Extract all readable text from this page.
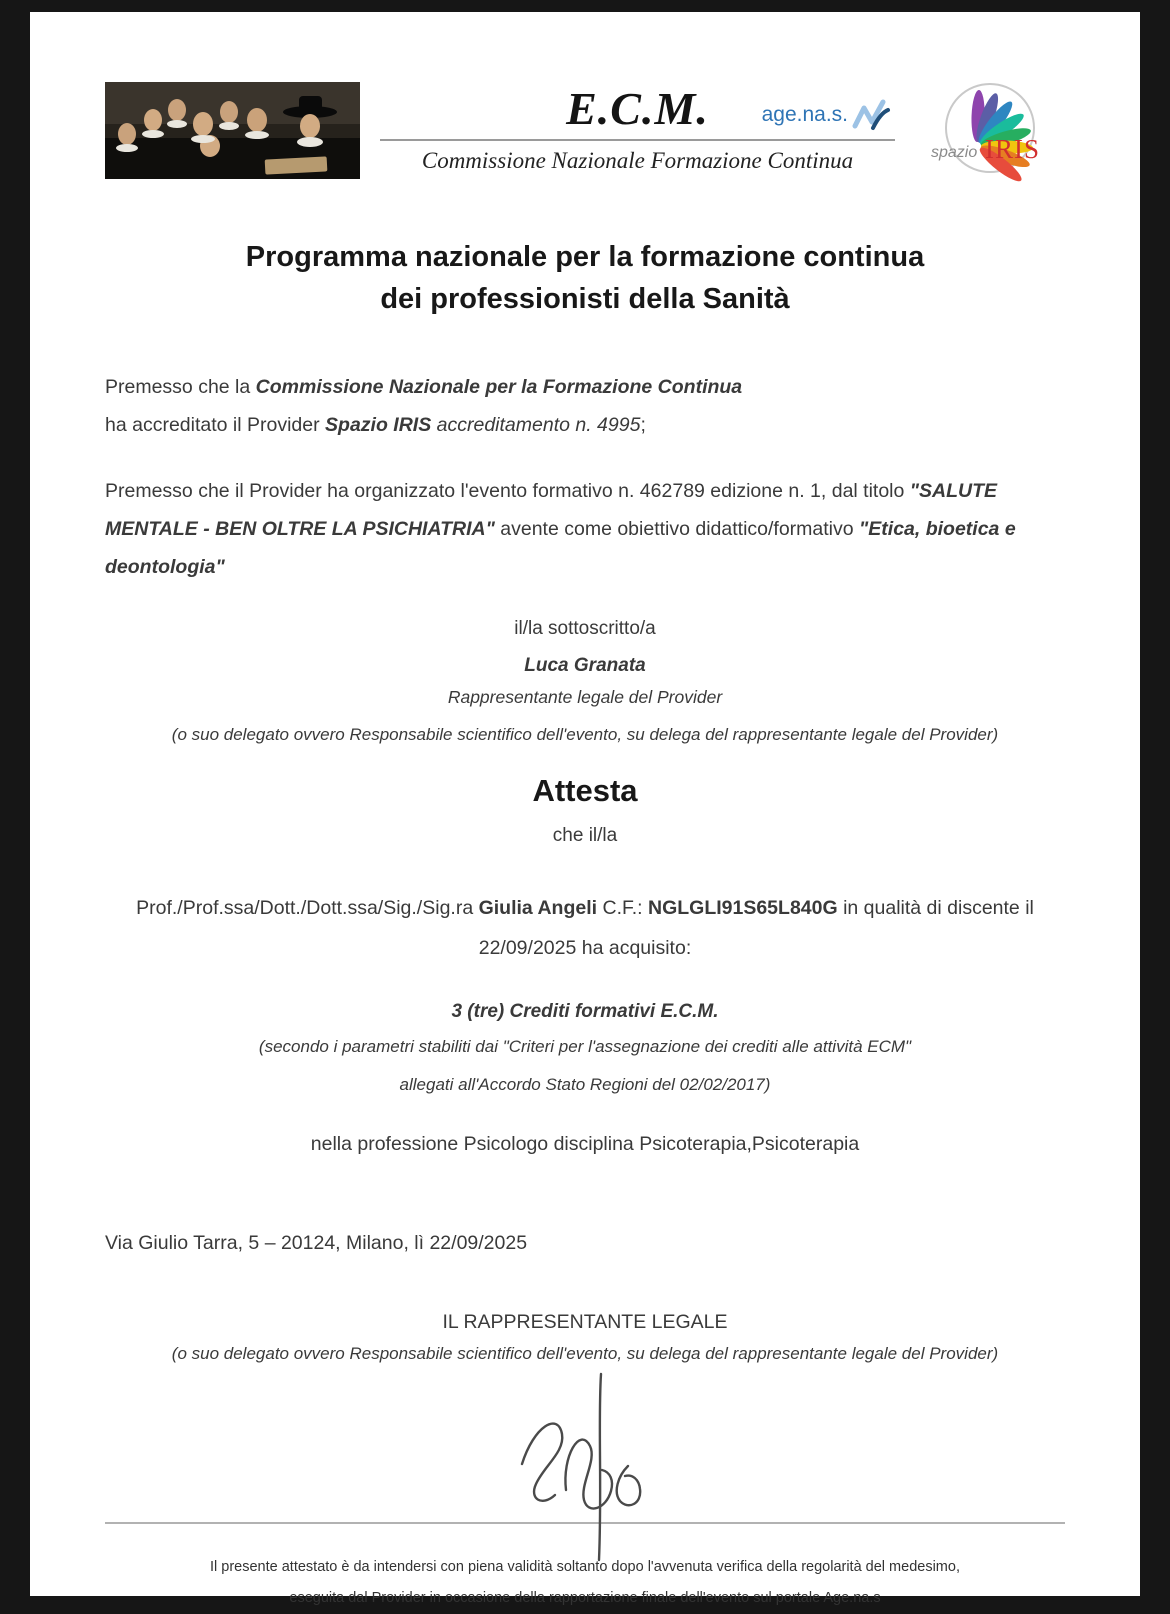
E.C.M.	age.na.s.
Commissione Nazionale Formazione Continua	spazio IRIS
Programma nazionale per la formazione continua
dei professionisti della Sanità
Premesso che la Commissione Nazionale per la Formazione Continua
ha accreditato il Provider Spazio IRIS accreditamento n. 4995;
Premesso che il Provider ha organizzato l'evento formativo n. 462789 edizione n. 1, dal titolo "SALUTE MENTALE - BEN OLTRE LA PSICHIATRIA" avente come obiettivo didattico/formativo "Etica, bioetica e deontologia"
il/la sottoscritto/a
Luca Granata
Rappresentante legale del Provider
(o suo delegato ovvero Responsabile scientifico dell'evento, su delega del rappresentante legale del Provider)
Attesta
che il/la
Prof./Prof.ssa/Dott./Dott.ssa/Sig./Sig.ra Giulia Angeli C.F.: NGLGLI91S65L840G in qualità di discente il 22/09/2025 ha acquisito:
3 (tre) Crediti formativi E.C.M.
(secondo i parametri stabiliti dai "Criteri per l'assegnazione dei crediti alle attività ECM"
allegati all'Accordo Stato Regioni del 02/02/2017)
nella professione Psicologo disciplina Psicoterapia,Psicoterapia
Via Giulio Tarra, 5 – 20124, Milano, lì 22/09/2025
IL RAPPRESENTANTE LEGALE
(o suo delegato ovvero Responsabile scientifico dell'evento, su delega del rappresentante legale del Provider)
Il presente attestato è da intendersi con piena validità soltanto dopo l'avvenuta verifica della regolarità del medesimo,
eseguita dal Provider in occasione della rapportazione finale dell'evento sul portale Age.na.s
